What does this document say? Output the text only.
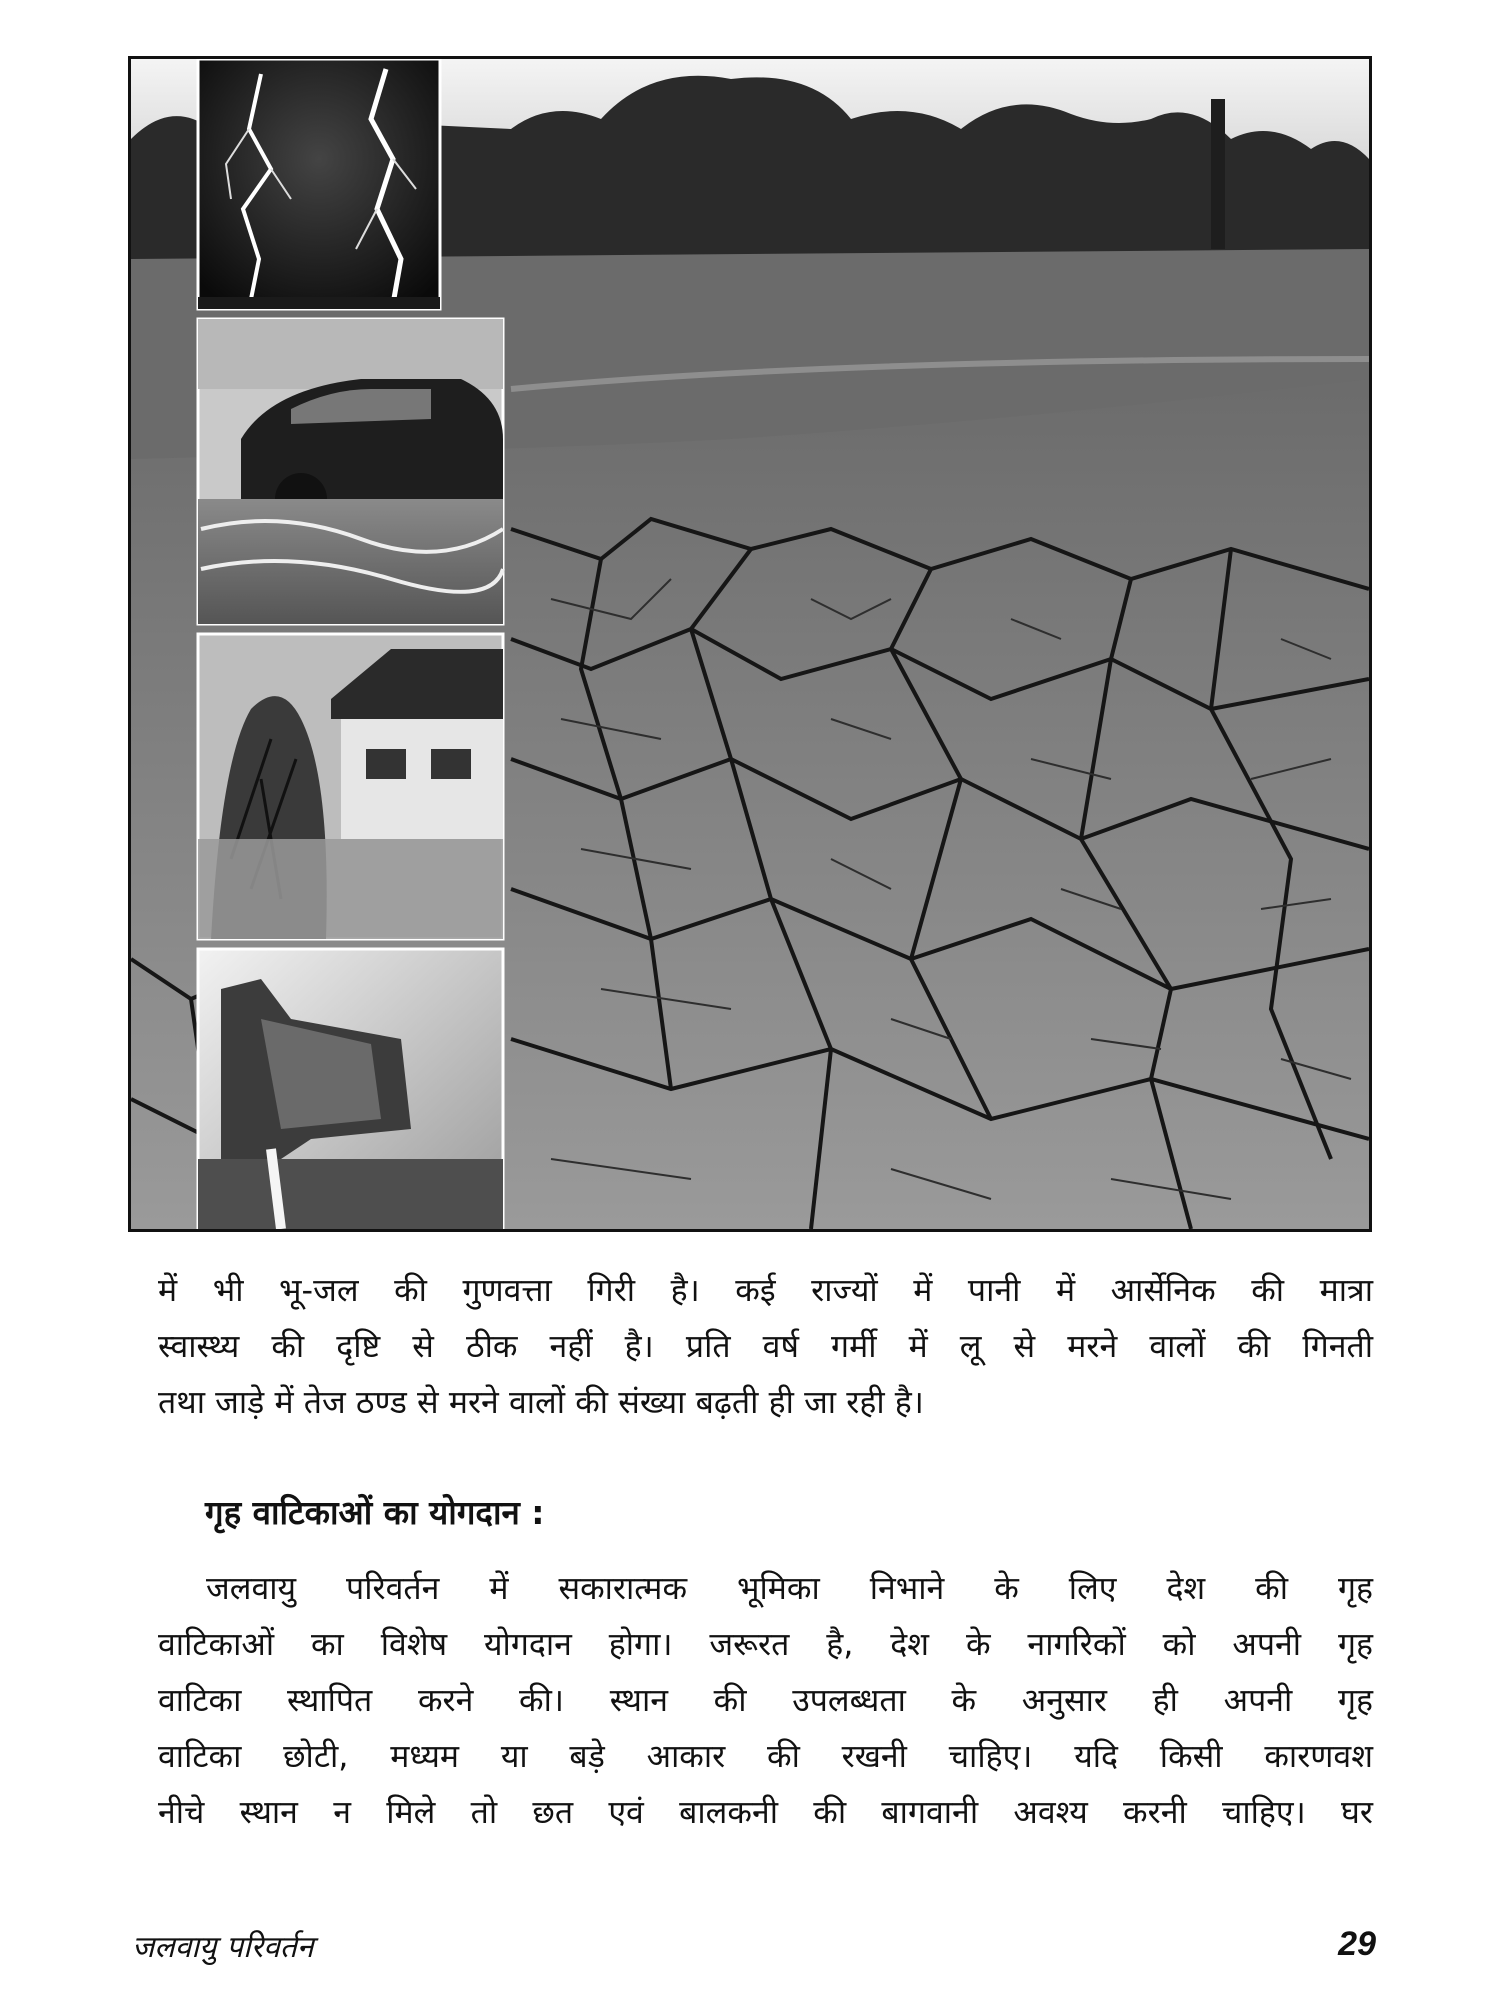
में भी भू-जल की गुणवत्ता गिरी है। कई राज्यों में पानी में आर्सेनिक की मात्रा
स्वास्थ्य की दृष्टि से ठीक नहीं है। प्रति वर्ष गर्मी में लू से मरने वालों की गिनती
तथा जाड़े में तेज ठण्ड से मरने वालों की संख्या बढ़ती ही जा रही है।
गृह वाटिकाओं का योगदान :
जलवायु परिवर्तन में सकारात्मक भूमिका निभाने के लिए देश की गृह
वाटिकाओं का विशेष योगदान होगा। जरूरत है, देश के नागरिकों को अपनी गृह
वाटिका स्थापित करने की। स्थान की उपलब्धता के अनुसार ही अपनी गृह
वाटिका छोटी, मध्यम या बड़े आकार की रखनी चाहिए। यदि किसी कारणवश
नीचे स्थान न मिले तो छत एवं बालकनी की बागवानी अवश्य करनी चाहिए। घर
जलवायु परिवर्तन	29
